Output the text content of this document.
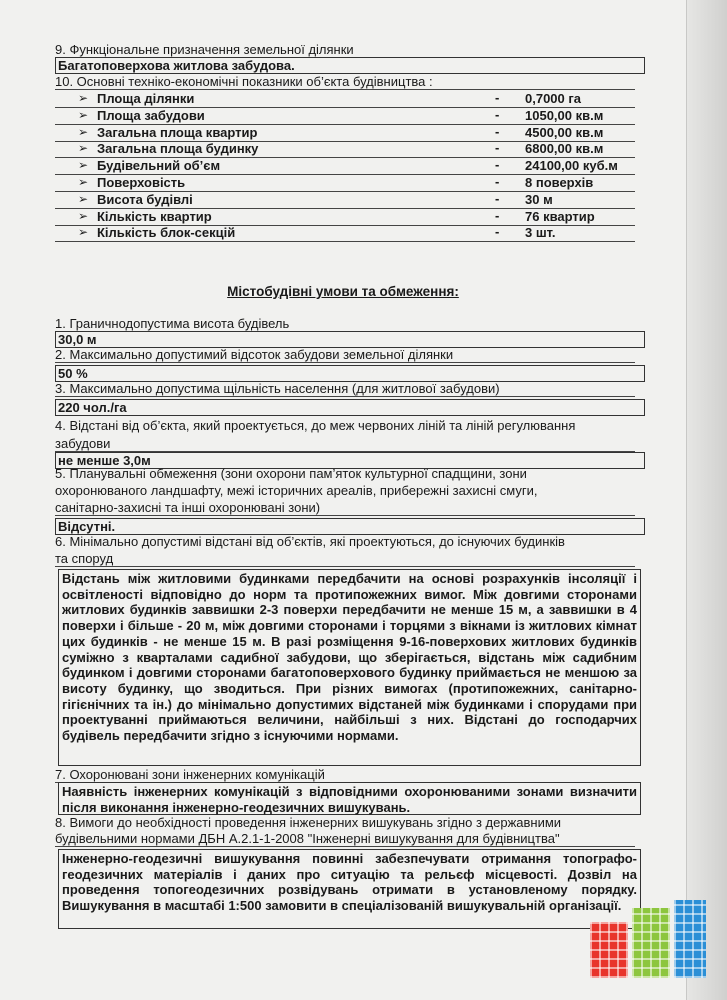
9. Функціональне призначення земельної ділянки
Багатоповерхова житлова забудова.
10. Основні техніко-економічні показники об’єкта будівництва :
➢ Площа ділянки	- 0,7000 га
➢ Площа забудови	- 1050,00 кв.м
➢ Загальна площа квартир	- 4500,00 кв.м
➢ Загальна площа будинку	- 6800,00 кв.м
➢ Будівельний об’єм	- 24100,00 куб.м
➢ Поверховість	- 8 поверхів
➢ Висота будівлі	- 30 м
➢ Кількість квартир	- 76 квартир
➢ Кількість блок-секцій	- 3 шт.
Містобудівні умови та обмеження:
1. Граничнодопустима висота будівель
30,0 м
2. Максимально допустимий відсоток забудови земельної ділянки
50 %
3. Максимально допустима щільність населення (для житлової забудови)
220 чол./га
4. Відстані від об’єкта, який проектується, до меж червоних ліній та ліній регулювання
забудови
не менше 3,0м
5. Планувальні обмеження (зони охорони пам’яток культурної спадщини, зони
охоронюваного ландшафту, межі історичних ареалів, прибережні захисні смуги,
санітарно-захисні та інші охоронювані зони)
Відсутні.
6. Мінімально допустимі відстані від об’єктів, які проектуються, до існуючих будинків
та споруд
Відстань між житловими будинками передбачити на основі розрахунків інсоляції і освітленості відповідно до норм та протипожежних вимог. Між довгими сторонами житлових будинків заввишки 2-3 поверхи передбачити не менше 15 м, а заввишки в 4 поверхи і більше - 20 м, між довгими сторонами і торцями з вікнами із житлових кімнат цих будинків - не менше 15 м. В разі розміщення 9-16-поверхових житлових будинків суміжно з кварталами садибної забудови, що зберігається, відстань між садибним будинком і довгими сторонами багатоповерхового будинку приймається не меншою за висоту будинку, що зводиться. При різних вимогах (протипожежних, санітарно-гігієнічних та ін.) до мінімально допустимих відстаней між будинками і спорудами при проектуванні приймаються величини, найбільші з них. Відстані до господарчих будівель передбачити згідно з існуючими нормами.
7. Охоронювані зони інженерних комунікацій
Наявність інженерних комунікацій з відповідними охоронюваними зонами визначити після виконання інженерно-геодезичних вишукувань.
8. Вимоги до необхідності проведення інженерних вишукувань згідно з державними
будівельними нормами ДБН А.2.1-1-2008 "Інженерні вишукування для будівництва"
Інженерно-геодезичні вишукування повинні забезпечувати отримання топографо-геодезичних матеріалів і даних про ситуацію та рельєф місцевості. Дозвіл на проведення топогеодезичних розвідувань отримати в установленому порядку. Вишукування в масштабі 1:500 замовити в спеціалізованій вишукувальній організації.
